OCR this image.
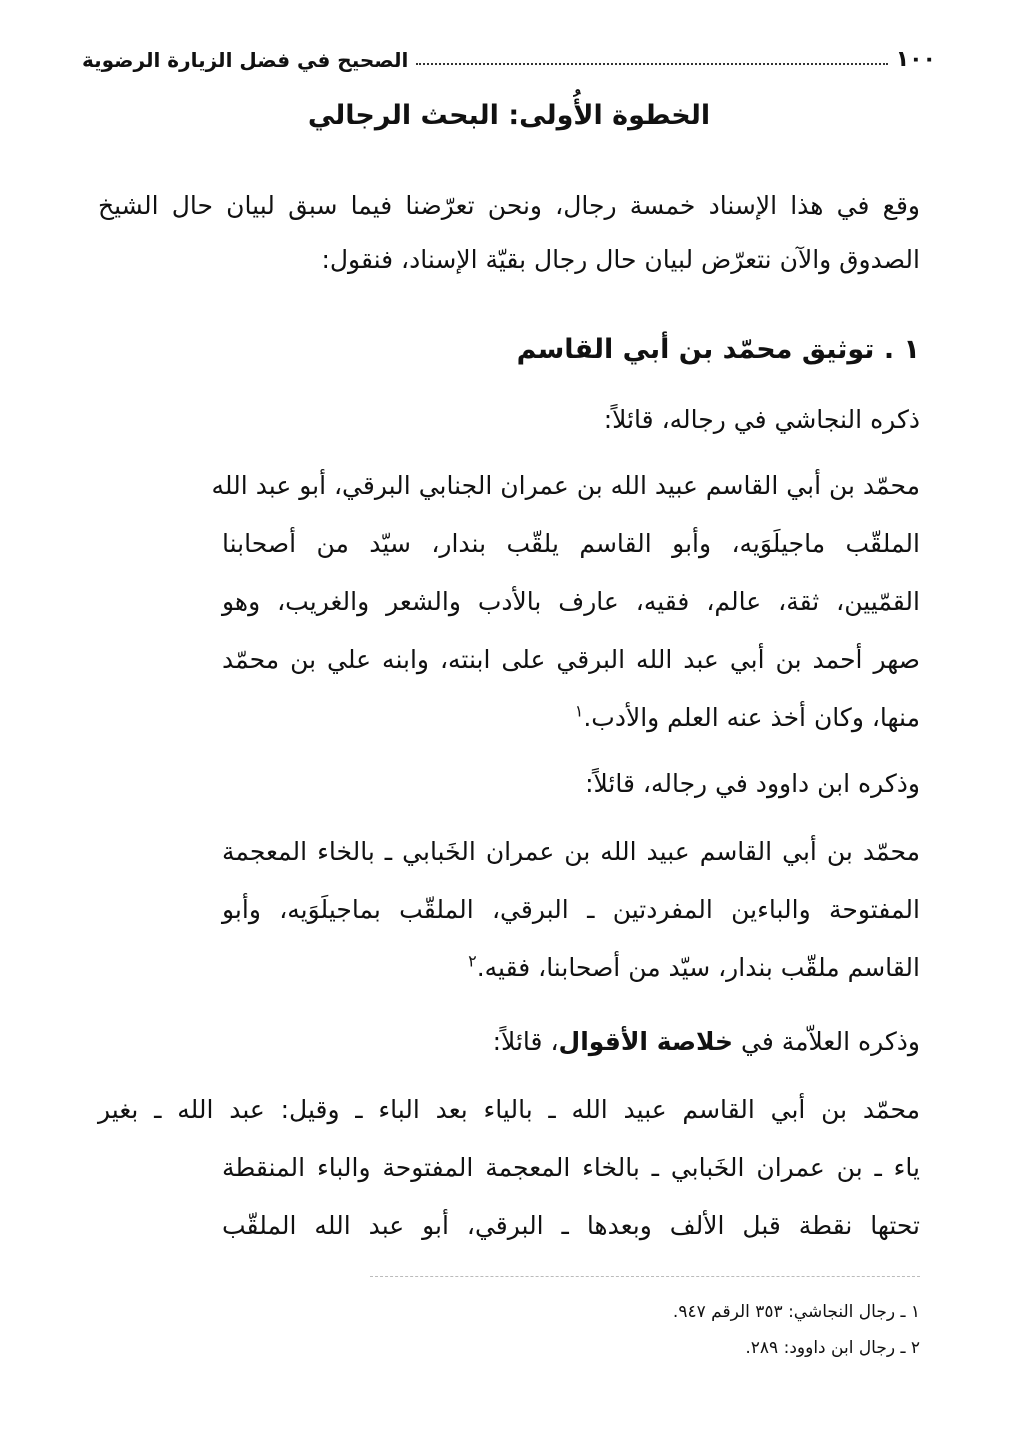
١٠٠
الصحيح في فضل الزيارة الرضوية
الخطوة الأُولى: البحث الرجالي
وقع في هذا الإسناد خمسة رجال، ونحن تعرّضنا فيما سبق لبيان حال الشيخ
الصدوق والآن نتعرّض لبيان حال رجال بقيّة الإسناد، فنقول:
١ . توثيق محمّد بن أبي القاسم
ذكره النجاشي في رجاله، قائلاً:
محمّد بن أبي القاسم عبيد الله بن عمران الجنابي البرقي، أبو عبد الله
الملقّب ماجيلَوَيه، وأبو القاسم يلقّب بندار، سيّد من أصحابنا
القمّيين، ثقة، عالم، فقيه، عارف بالأدب والشعر والغريب، وهو
صهر أحمد بن أبي عبد الله البرقي على ابنته، وابنه علي بن محمّد
منها، وكان أخذ عنه العلم والأدب.$^١$
وذكره ابن داوود في رجاله، قائلاً:
محمّد بن أبي القاسم عبيد الله بن عمران الخَبابي ـ بالخاء المعجمة
المفتوحة والباءين المفردتين ـ البرقي، الملقّب بماجيلَوَيه، وأبو
القاسم ملقّب بندار، سيّد من أصحابنا، فقيه.$^٢$
وذكره العلاّمة في خلاصة الأقوال، قائلاً:
محمّد بن أبي القاسم عبيد الله ـ بالياء بعد الباء ـ وقيل: عبد الله ـ بغير
ياء ـ بن عمران الخَبابي ـ بالخاء المعجمة المفتوحة والباء المنقطة
تحتها نقطة قبل الألف وبعدها ـ البرقي، أبو عبد الله الملقّب
١ ـ رجال النجاشي: ٣٥٣ الرقم ٩٤٧.
٢ ـ رجال ابن داوود: ٢٨٩.
